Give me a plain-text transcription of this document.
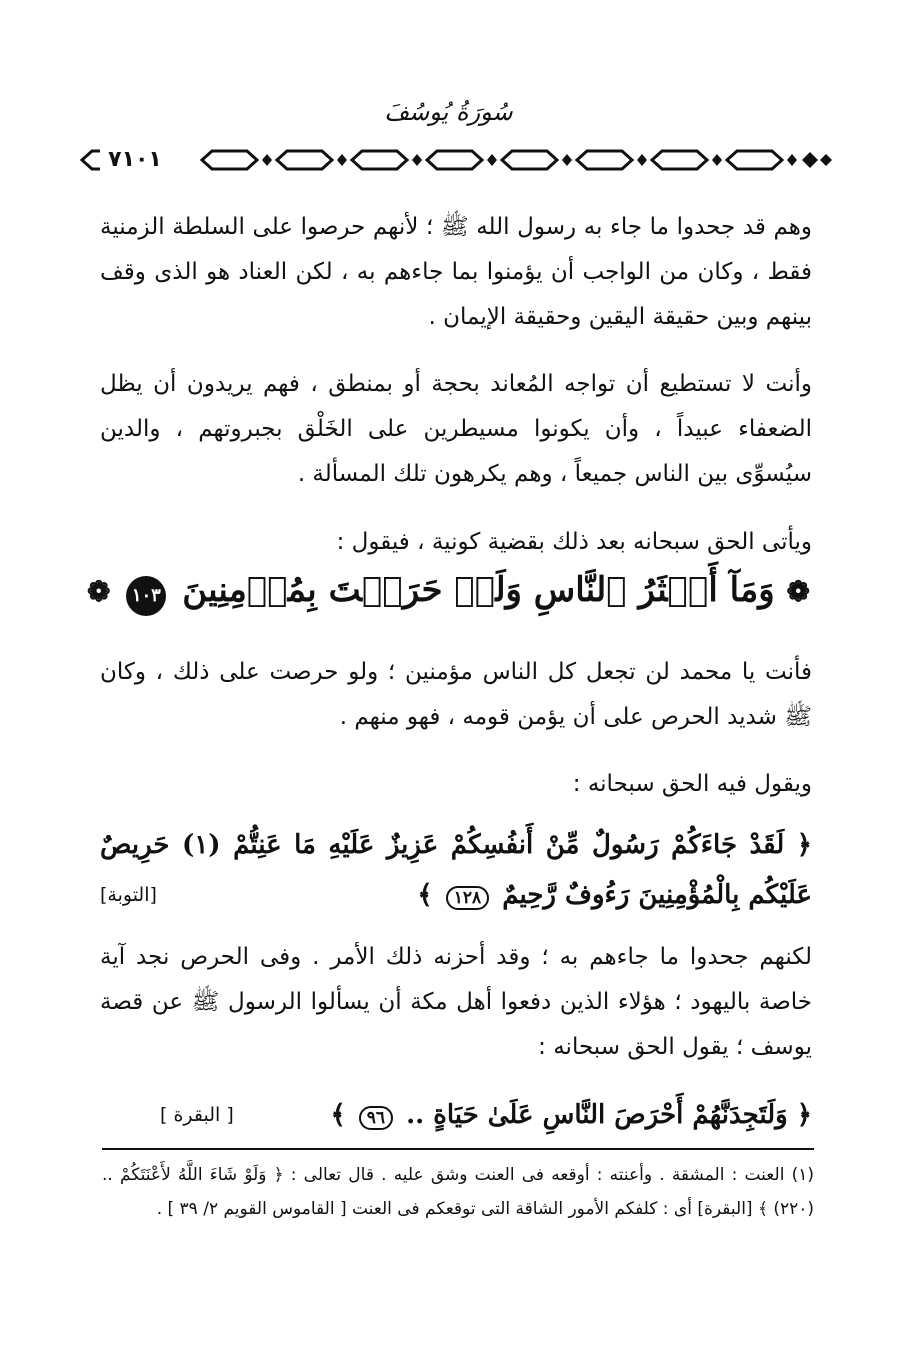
سُورَةُ يُوسُفَ
٧١٠١

وهم قد جحدوا ما جاء به رسول الله ﷺ ؛ لأنهم حرصوا على السلطة الزمنية فقط ، وكان من الواجب أن يؤمنوا بما جاءهم به ، لكن العناد هو الذى وقف بينهم وبين حقيقة اليقين وحقيقة الإيمان .

وأنت لا تستطيع أن تواجه المُعاند بحجة أو بمنطق ، فهم يريدون أن يظل الضعفاء عبيداً ، وأن يكونوا مسيطرين على الخَلْق بجبروتهم ، والدين سيُسوِّى بين الناس جميعاً ، وهم يكرهون تلك المسألة .

ويأتى الحق سبحانه بعد ذلك بقضية كونية ، فيقول :

❁ وَمَآ أَكۡثَرُ ٱلنَّاسِ وَلَوۡ حَرَصۡتَ بِمُؤۡمِنِينَ ١٠٣ ❁

فأنت يا محمد لن تجعل كل الناس مؤمنين ؛ ولو حرصت على ذلك ، وكان ﷺ شديد الحرص على أن يؤمن قومه ، فهو منهم .

ويقول فيه الحق سبحانه :

﴿ لَقَدْ جَاءَكُمْ رَسُولٌ مِّنْ أَنفُسِكُمْ عَزِيزٌ عَلَيْهِ مَا عَنِتُّمْ (١) حَرِيصٌ عَلَيْكُم بِالْمُؤْمِنِينَ رَءُوفٌ رَّحِيمٌ ١٢٨ ﴾
[التوبة]

لكنهم جحدوا ما جاءهم به ؛ وقد أحزنه ذلك الأمر . وفى الحرص نجد آية خاصة باليهود ؛ هؤلاء الذين دفعوا أهل مكة أن يسألوا الرسول ﷺ عن قصة يوسف ؛ يقول الحق سبحانه :

﴿ وَلَتَجِدَنَّهُمْ أَحْرَصَ النَّاسِ عَلَىٰ حَيَاةٍ .. ٩٦ ﴾
[ البقرة ]
(١) العنت : المشقة . وأعنته : أوقعه فى العنت وشق عليه . قال تعالى : ﴿ وَلَوْ شَاءَ اللَّهُ لأَعْنَتَكُمْ .. (٢٢٠) ﴾ [البقرة] أى : كلفكم الأمور الشاقة التى توقعكم فى العنت [ القاموس القويم ٢/ ٣٩ ] .
